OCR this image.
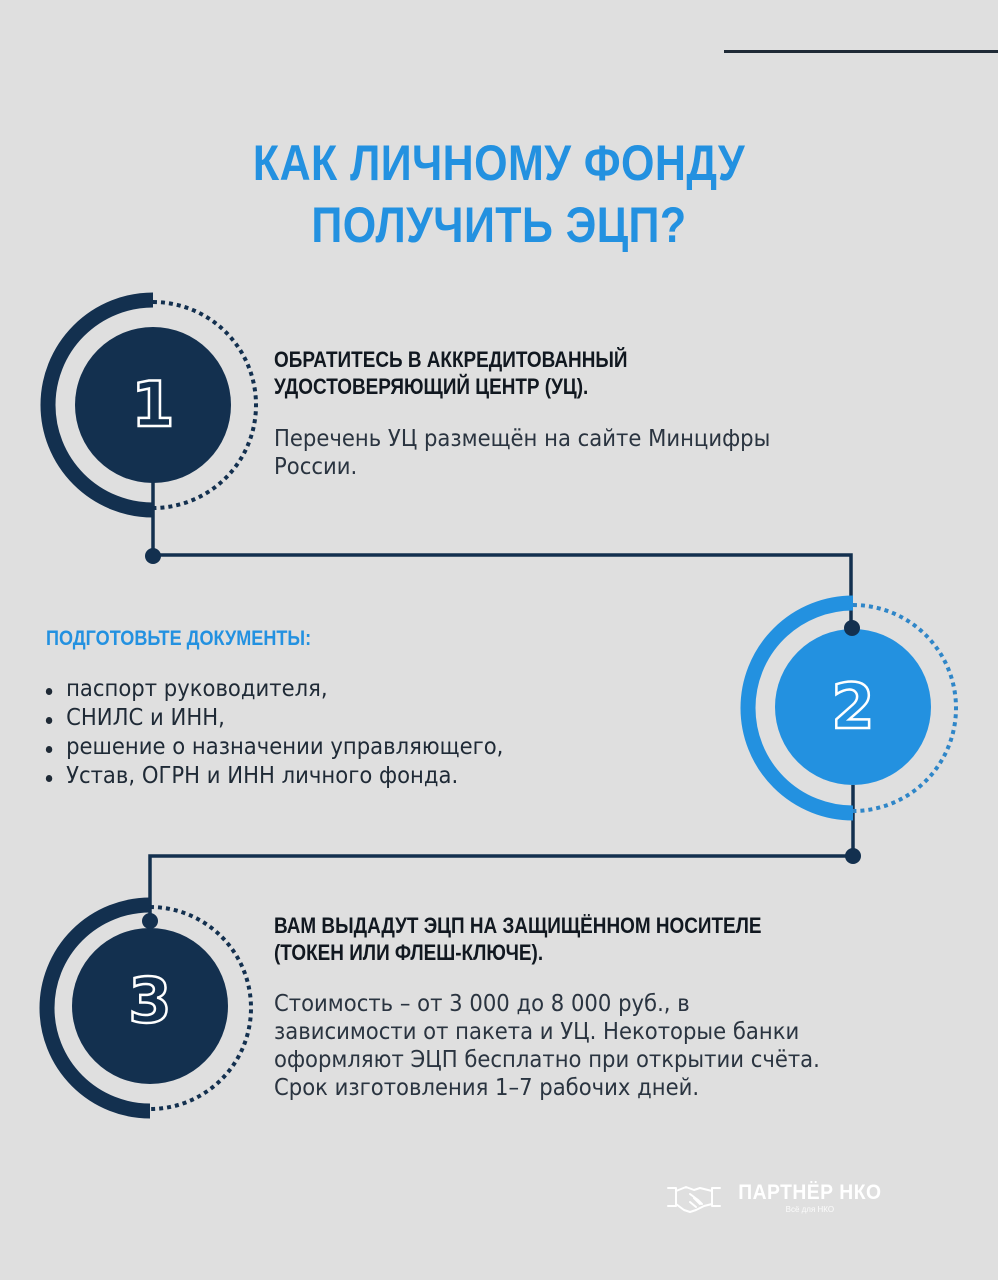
КАК ЛИЧНОМУ ФОНДУ
ПОЛУЧИТЬ ЭЦП?
1
2
3
ОБРАТИТЕСЬ В АККРЕДИТОВАННЫЙ
УДОСТОВЕРЯЮЩИЙ ЦЕНТР (УЦ).
Перечень УЦ размещён на сайте Минцифры
России.
ПОДГОТОВЬТЕ ДОКУМЕНТЫ:
паспорт руководителя,
СНИЛС и ИНН,
решение о назначении управляющего,
Устав, ОГРН и ИНН личного фонда.
ВАМ ВЫДАДУТ ЭЦП НА ЗАЩИЩЁННОМ НОСИТЕЛЕ
(ТОКЕН ИЛИ ФЛЕШ-КЛЮЧЕ).
Стоимость – от 3 000 до 8 000 руб., в
зависимости от пакета и УЦ. Некоторые банки
оформляют ЭЦП бесплатно при открытии счёта.
Срок изготовления 1–7 рабочих дней.
ПАРТНЁР НКО
Всё для НКО
